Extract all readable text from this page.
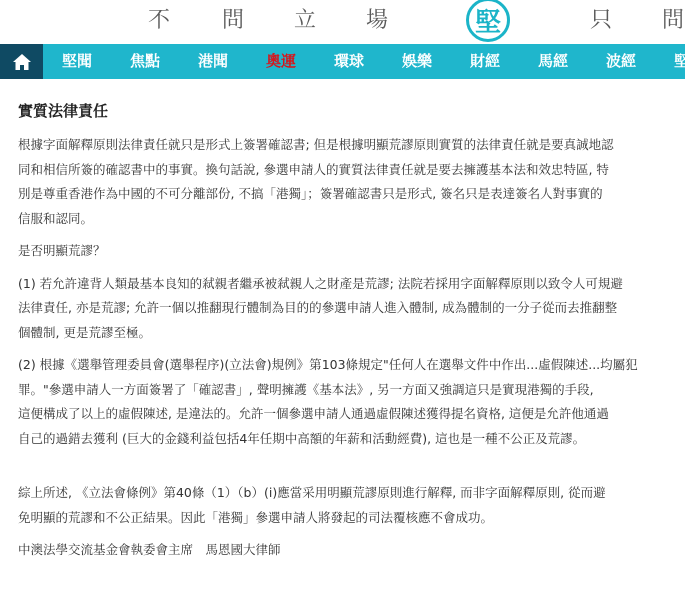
不 問 立 場	堅	只 問
堅聞	焦點	港聞	奧運	環球	娛樂	財經	馬經	波經	堅
實質法律責任

根據字面解釋原則法律責任就只是形式上簽署確認書; 但是根據明顯荒謬原則實質的法律責任就是要真誠地認
同和相信所簽的確認書中的事實。換句話說, 參選申請人的實質法律責任就是要去擁護基本法和效忠特區, 特
別是尊重香港作為中國的不可分離部份, 不搞「港獨」；簽署確認書只是形式, 簽名只是表達簽名人對事實的
信服和認同。

是否明顯荒謬？

(1) 若允許違背人類最基本良知的弒親者繼承被弒親人之財產是荒謬; 法院若採用字面解釋原則以致令人可規避
法律責任, 亦是荒謬; 允許一個以推翻現行體制為目的的參選申請人進入體制, 成為體制的一分子從而去推翻整
個體制, 更是荒謬至極。

(2) 根據《選舉管理委員會(選舉程序)(立法會)規例》第103條規定"任何人在選舉文件中作出...虛假陳述...均屬犯
罪。"參選申請人一方面簽署了「確認書」, 聲明擁護《基本法》, 另一方面又強調這只是實現港獨的手段,
這便構成了以上的虛假陳述, 是違法的。允許一個參選申請人通過虛假陳述獲得提名資格, 這便是允許他通過
自己的過錯去獲利 (巨大的金錢利益包括4年任期中高額的年薪和活動經費), 這也是一種不公正及荒謬。

綜上所述, 《立法會條例》第40條（1）（b）(i)應當采用明顯荒謬原則進行解釋, 而非字面解釋原則, 從而避
免明顯的荒謬和不公正結果。因此「港獨」參選申請人將發起的司法覆核應不會成功。

中澳法學交流基金會執委會主席　馬恩國大律師
